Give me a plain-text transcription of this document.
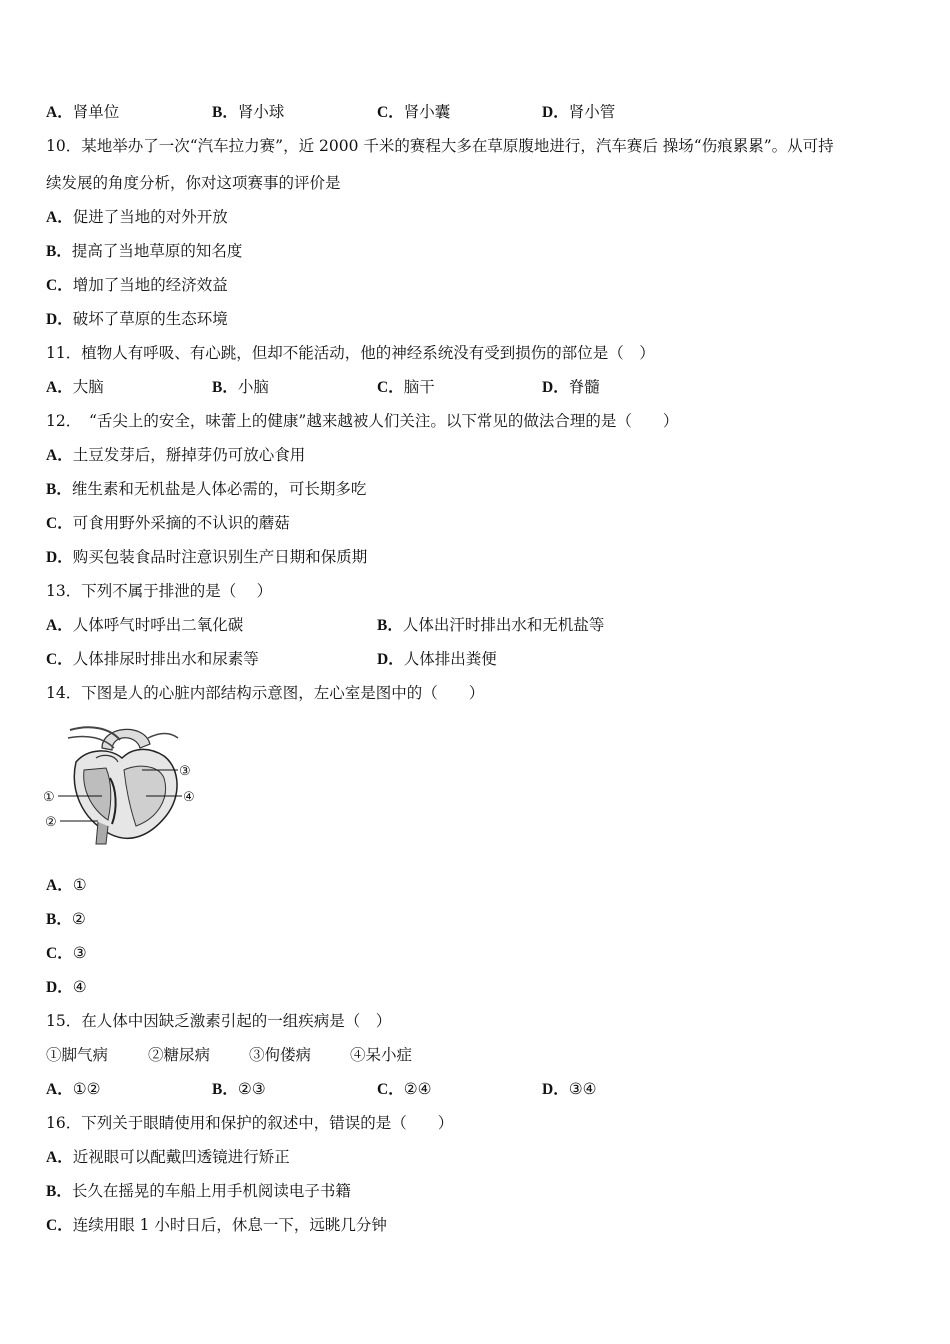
A．肾单位	B．肾小球	C．肾小囊	D．肾小管
10．某地举办了一次“汽车拉力赛”，近 2000 千米的赛程大多在草原腹地进行，汽车赛后 操场“伤痕累累”。从可持
续发展的角度分析，你对这项赛事的评价是
A．促进了当地的对外开放
B．提高了当地草原的知名度
C．增加了当地的经济效益
D．破坏了草原的生态环境
11．植物人有呼吸、有心跳，但却不能活动，他的神经系统没有受到损伤的部位是（　）
A．大脑	B．小脑	C．脑干	D．脊髓
12．　“舌尖上的安全，味蕾上的健康”越来越被人们关注。以下常见的做法合理的是（　　）
A．土豆发芽后，掰掉芽仍可放心食用
B．维生素和无机盐是人体必需的，可长期多吃
C．可食用野外采摘的不认识的蘑菇
D．购买包装食品时注意识别生产日期和保质期
13．下列不属于排泄的是（　 ）
A．人体呼气时呼出二氧化碳	B．人体出汗时排出水和无机盐等
C．人体排尿时排出水和尿素等	D．人体排出粪便
14．下图是人的心脏内部结构示意图，左心室是图中的（　　）
①
②
③
④
A．①
B．②
C．③
D．④
15．在人体中因缺乏激素引起的一组疾病是（　）
①脚气病	②糖尿病	③佝偻病	④呆小症
A．①②	B．②③	C．②④	D．③④
16．下列关于眼睛使用和保护的叙述中，错误的是（　　）
A．近视眼可以配戴凹透镜进行矫正
B．长久在摇晃的车船上用手机阅读电子书籍
C．连续用眼 1 小时日后，休息一下，远眺几分钟
